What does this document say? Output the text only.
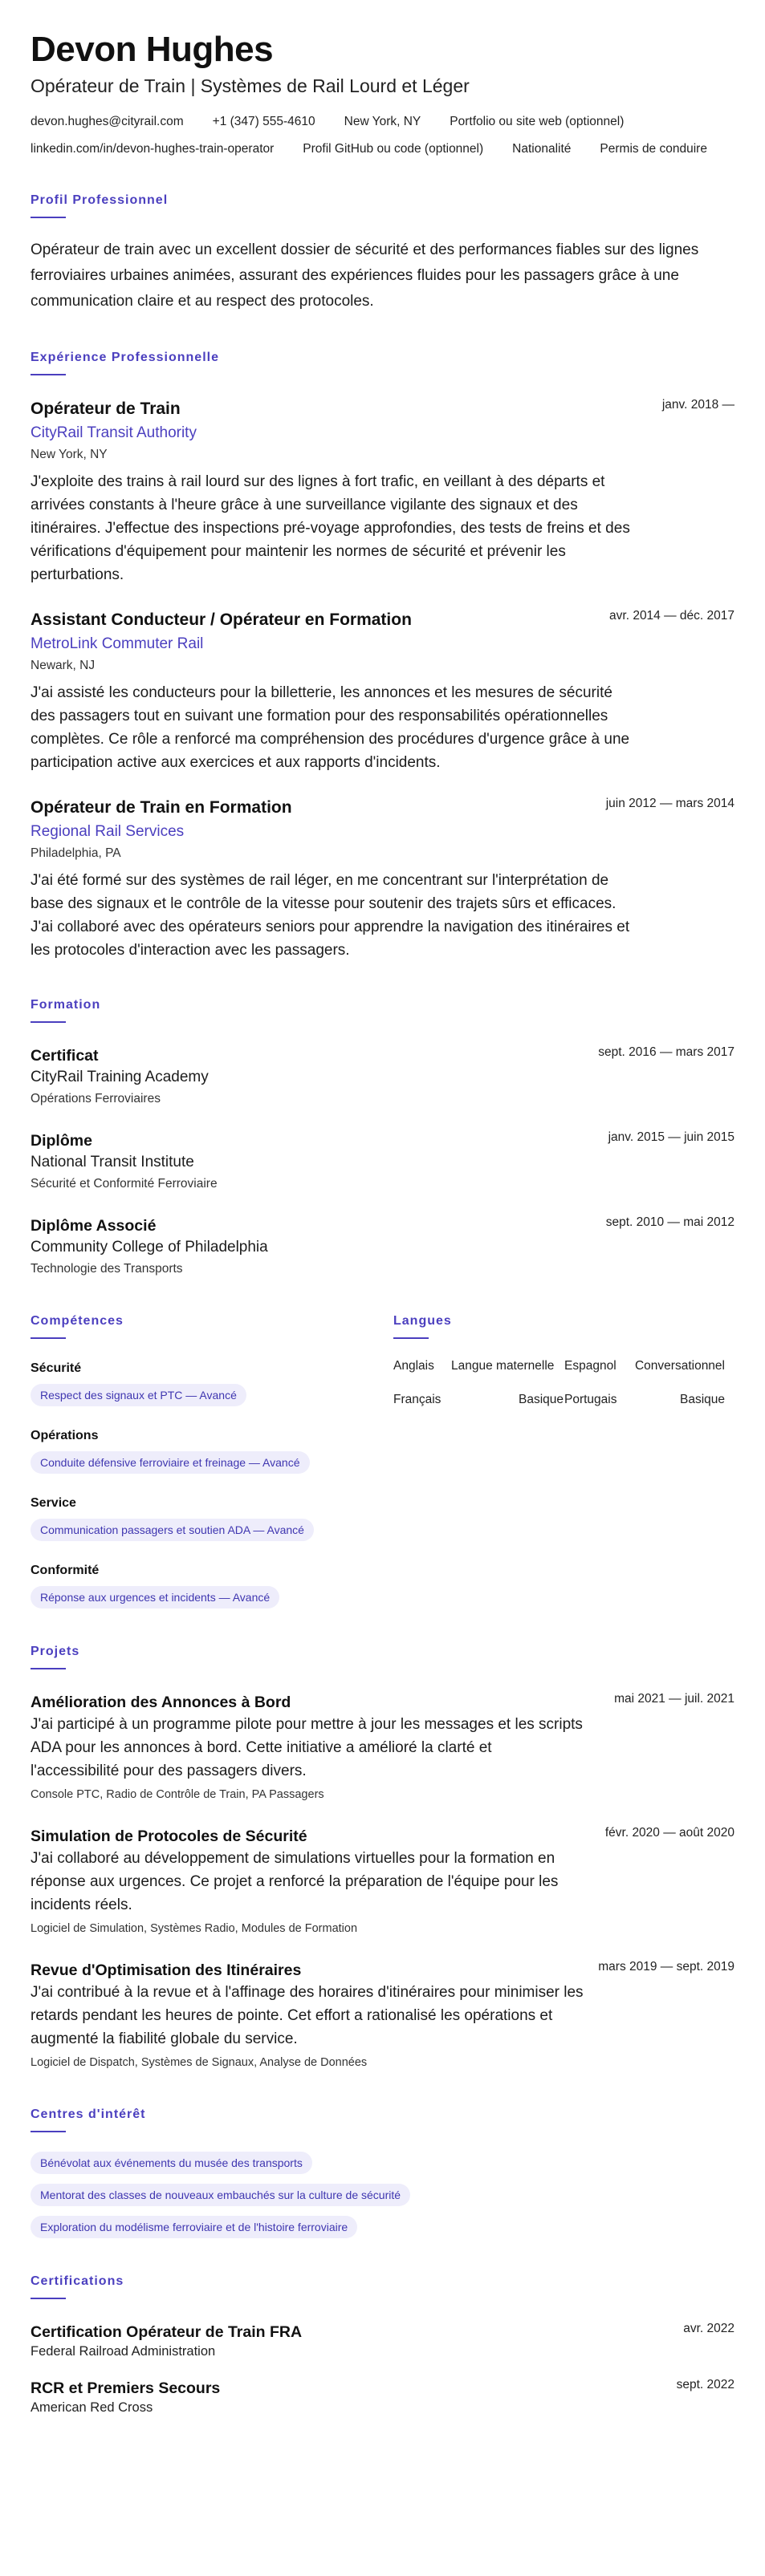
Devon Hughes
Opérateur de Train | Systèmes de Rail Lourd et Léger
devon.hughes@cityrail.com +1 (347) 555-4610 New York, NY Portfolio ou site web (optionnel)
linkedin.com/in/devon-hughes-train-operator Profil GitHub ou code (optionnel) Nationalité Permis de conduire
Profil Professionnel

Opérateur de train avec un excellent dossier de sécurité et des performances fiables sur des lignes ferroviaires urbaines animées, assurant des expériences fluides pour les passagers grâce à une communication claire et au respect des protocoles.

Expérience Professionnelle
janv. 2018 —
Opérateur de Train
CityRail Transit Authority
New York, NY

J'exploite des trains à rail lourd sur des lignes à fort trafic, en veillant à des départs et arrivées constants à l'heure grâce à une surveillance vigilante des signaux et des itinéraires. J'effectue des inspections pré-voyage approfondies, des tests de freins et des vérifications d'équipement pour maintenir les normes de sécurité et prévenir les perturbations.

avr. 2014 — déc. 2017
Assistant Conducteur / Opérateur en Formation
MetroLink Commuter Rail
Newark, NJ

J'ai assisté les conducteurs pour la billetterie, les annonces et les mesures de sécurité des passagers tout en suivant une formation pour des responsabilités opérationnelles complètes. Ce rôle a renforcé ma compréhension des procédures d'urgence grâce à une participation active aux exercices et aux rapports d'incidents.

juin 2012 — mars 2014
Opérateur de Train en Formation
Regional Rail Services
Philadelphia, PA

J'ai été formé sur des systèmes de rail léger, en me concentrant sur l'interprétation de base des signaux et le contrôle de la vitesse pour soutenir des trajets sûrs et efficaces. J'ai collaboré avec des opérateurs seniors pour apprendre la navigation des itinéraires et les protocoles d'interaction avec les passagers.

Formation
sept. 2016 — mars 2017
Certificat
CityRail Training Academy
Opérations Ferroviaires
janv. 2015 — juin 2015
Diplôme
National Transit Institute
Sécurité et Conformité Ferroviaire
sept. 2010 — mai 2012
Diplôme Associé
Community College of Philadelphia
Technologie des Transports
Compétences
Sécurité
Respect des signaux et PTC — Avancé
Opérations
Conduite défensive ferroviaire et freinage — Avancé
Service
Communication passagers et soutien ADA — Avancé
Conformité
Réponse aux urgences et incidents — Avancé
Langues
Anglais Langue maternelle Espagnol Conversationnel
Français	Basique Portugais	Basique
Projets
mai 2021 — juil. 2021
Amélioration des Annonces à Bord

J'ai participé à un programme pilote pour mettre à jour les messages et les scripts ADA pour les annonces à bord. Cette initiative a amélioré la clarté et l'accessibilité pour des passagers divers.

Console PTC, Radio de Contrôle de Train, PA Passagers
févr. 2020 — août 2020
Simulation de Protocoles de Sécurité

J'ai collaboré au développement de simulations virtuelles pour la formation en réponse aux urgences. Ce projet a renforcé la préparation de l'équipe pour les incidents réels.

Logiciel de Simulation, Systèmes Radio, Modules de Formation
mars 2019 — sept. 2019
Revue d'Optimisation des Itinéraires

J'ai contribué à la revue et à l'affinage des horaires d'itinéraires pour minimiser les retards pendant les heures de pointe. Cet effort a rationalisé les opérations et augmenté la fiabilité globale du service.

Logiciel de Dispatch, Systèmes de Signaux, Analyse de Données
Centres d'intérêt
Bénévolat aux événements du musée des transports
Mentorat des classes de nouveaux embauchés sur la culture de sécurité
Exploration du modélisme ferroviaire et de l'histoire ferroviaire
Certifications
avr. 2022
Certification Opérateur de Train FRA
Federal Railroad Administration
sept. 2022
RCR et Premiers Secours
American Red Cross
